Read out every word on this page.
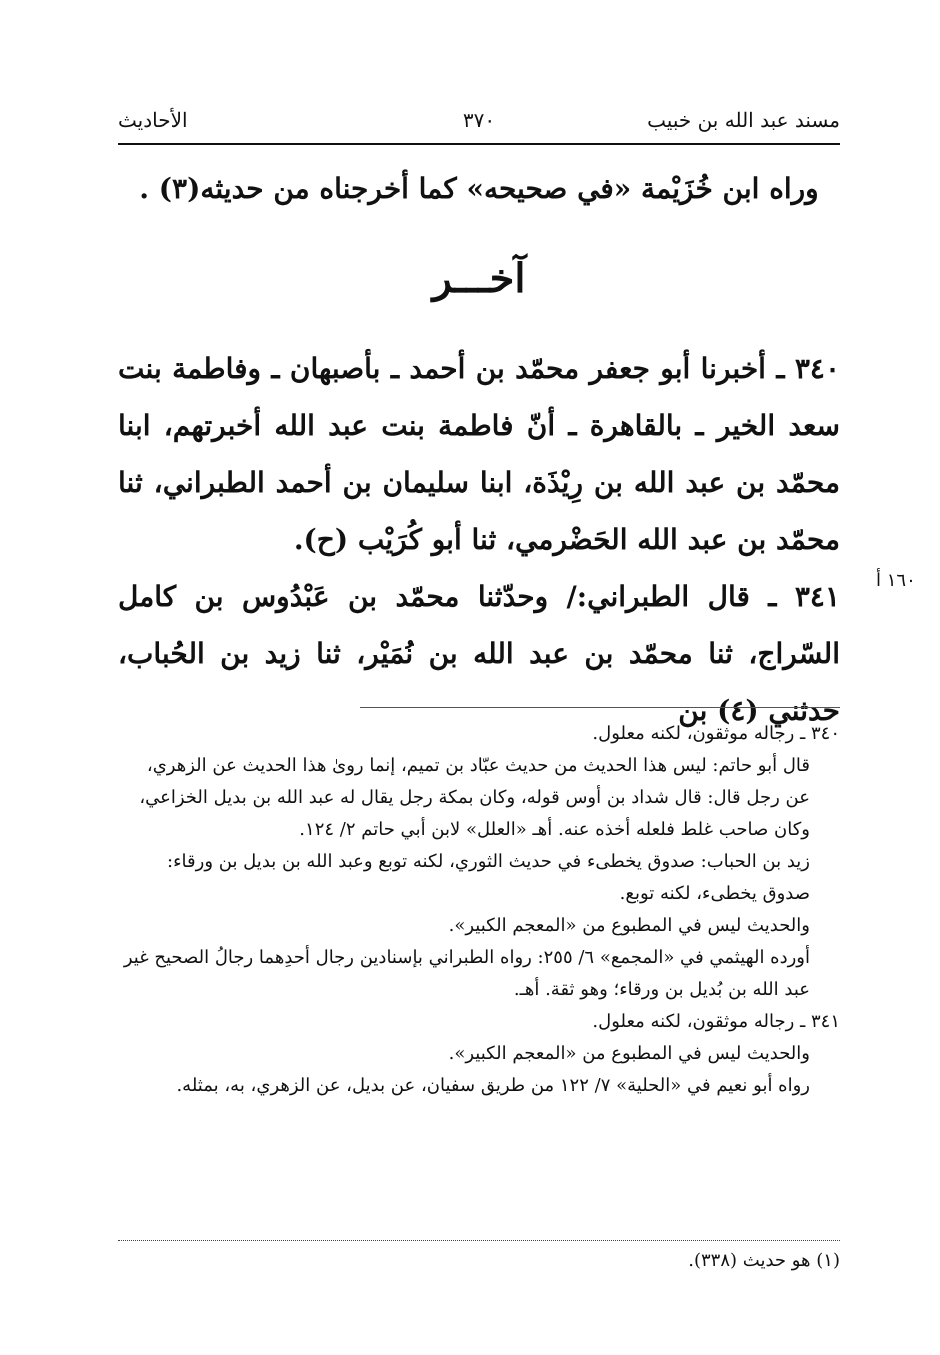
مسند عبد الله بن خبيب
٣٧٠
الأحاديث
وراه ابن خُزَيْمة «في صحيحه» كما أخرجناه من حديثه(٣) .
آخـــر
٣٤٠ ـ أخبرنا أبو جعفر محمّد بن أحمد ـ بأصبهان ـ وفاطمة بنت سعد الخير ـ بالقاهرة ـ أنّ فاطمة بنت عبد الله أخبرتهم، ابنا محمّد بن عبد الله بن رِيْذَة، ابنا سليمان بن أحمد الطبراني، ثنا محمّد بن عبد الله الحَضْرمي، ثنا أبو كُرَيْب (ح).
١٦٠ أ
٣٤١ ـ قال الطبراني:/ وحدّثنا محمّد بن عَبْدُوس بن كامل السّراج، ثنا محمّد بن عبد الله بن نُمَيْر، ثنا زيد بن الحُباب، حدثني (٤) بن

٣٤٠ ـ رجاله موثقون، لكنه معلول.

قال أبو حاتم: ليس هذا الحديث من حديث عبّاد بن تميم، إنما روىٰ هذا الحديث عن الزهري، عن رجل قال: قال شداد بن أوس قوله، وكان بمكة رجل يقال له عبد الله بن بديل الخزاعي، وكان صاحب غلط فلعله أخذه عنه. أهـ «العلل» لابن أبي حاتم ٢/ ١٢٤.

زيد بن الحباب: صدوق يخطىء في حديث الثوري، لكنه توبع وعبد الله بن بديل بن ورقاء: صدوق يخطىء، لكنه توبع.

والحديث ليس في المطبوع من «المعجم الكبير».

أورده الهيثمي في «المجمع» ٦/ ٢٥٥: رواه الطبراني بإسنادين رجال أحدِهما رجالُ الصحيح غير عبد الله بن بُديل بن ورقاء؛ وهو ثقة. أهـ.

٣٤١ ـ رجاله موثقون، لكنه معلول.

والحديث ليس في المطبوع من «المعجم الكبير».

رواه أبو نعيم في «الحلية» ٧/ ١٢٢ من طريق سفيان، عن بديل، عن الزهري، به، بمثله.

(١) هو حديث (٣٣٨).
